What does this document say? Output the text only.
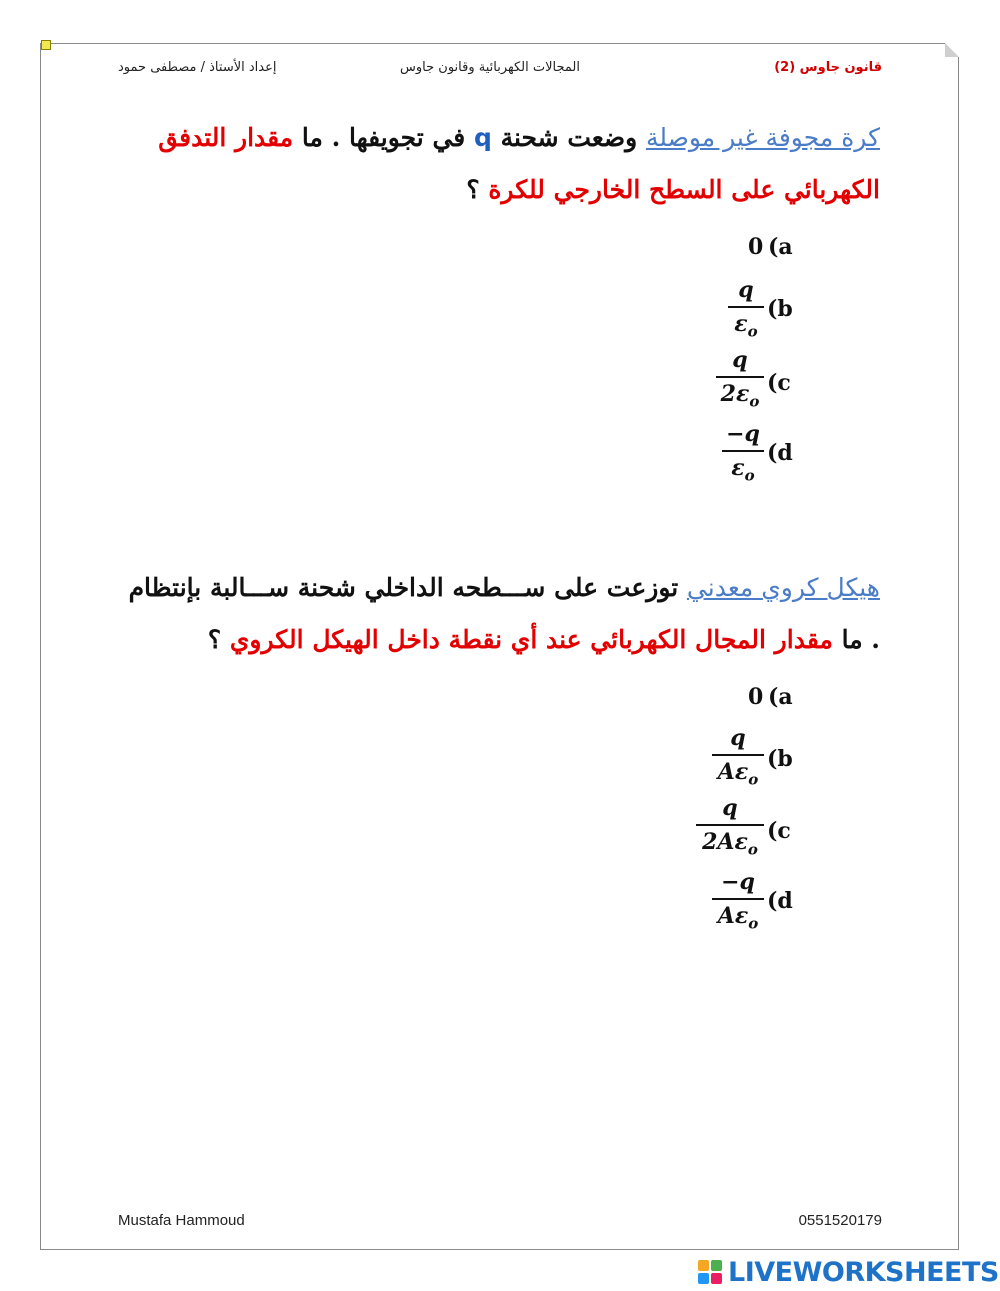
قانون جاوس (2)
المجالات الكهربائية وقانون جاوس
إعداد الأستاذ / مصطفى حمود
كرة مجوفة غير موصلة وضعت شحنة q في تجويفها . ما مقدار التدفق الكهربائي على السطح الخارجي للكرة ؟
0 (a
q
$\varepsilon_o$
(b
q
$2\varepsilon_o$
(c
−q
$\varepsilon_o$
(d
هيكل كروي معدني توزعت على ســـطحه الداخلي شحنة ســـالبة بإنتظام . ما مقدار المجال الكهربائي عند أي نقطة داخل الهيكل الكروي ؟
0 (a
q
$A\varepsilon_o$
(b
q
$2A\varepsilon_o$
(c
−q
$A\varepsilon_o$
(d
Mustafa Hammoud	0551520179
LIVEWORKSHEETS
